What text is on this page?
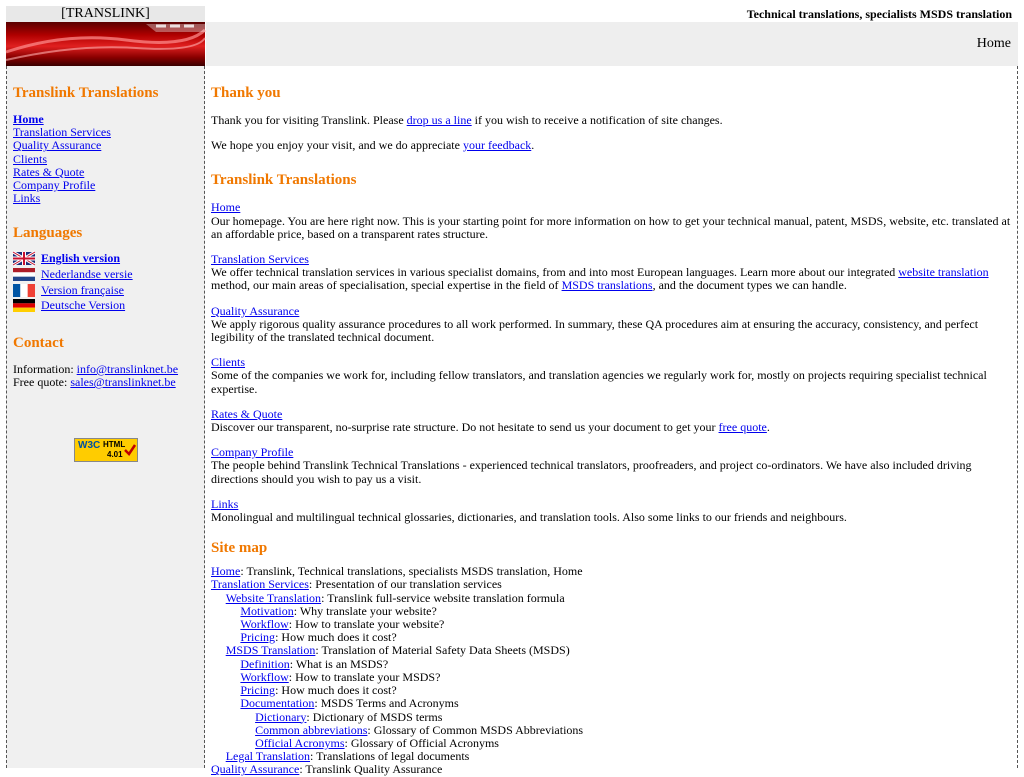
[TRANSLINK]	Technical translations, specialists MSDS translation
Home
Translink Translations
Home
Translation Services
Quality Assurance
Clients
Rates & Quote
Company Profile
Links
Languages
English version
Nederlandse versie
Version française
Deutsche Version
Contact
Information: info@translinknet.be
Free quote: sales@translinknet.be
W3C HTML
4.01
Thank you

Thank you for visiting Translink. Please drop us a line if you wish to receive a notification of site changes.

We hope you enjoy your visit, and we do appreciate your feedback.

Translink Translations

Home

Our homepage. You are here right now. This is your starting point for more information on how to get your technical manual, patent, MSDS, website, etc. translated at an affordable price, based on a transparent rates structure.

Translation Services

We offer technical translation services in various specialist domains, from and into most European languages. Learn more about our integrated website translation method, our main areas of specialisation, special expertise in the field of MSDS translations, and the document types we can handle.

Quality Assurance

We apply rigorous quality assurance procedures to all work performed. In summary, these QA procedures aim at ensuring the accuracy, consistency, and perfect legibility of the translated technical document.

Clients

Some of the companies we work for, including fellow translators, and translation agencies we regularly work for, mostly on projects requiring specialist technical expertise.

Rates & Quote

Discover our transparent, no-surprise rate structure. Do not hesitate to send us your document to get your free quote.

Company Profile

The people behind Translink Technical Translations - experienced technical translators, proofreaders, and project co-ordinators. We have also included driving directions should you wish to pay us a visit.

Links

Monolingual and multilingual technical glossaries, dictionaries, and translation tools. Also some links to our friends and neighbours.

Site map
Home: Translink, Technical translations, specialists MSDS translation, Home
Translation Services: Presentation of our translation services
Website Translation: Translink full-service website translation formula
Motivation: Why translate your website?
Workflow: How to translate your website?
Pricing: How much does it cost?
MSDS Translation: Translation of Material Safety Data Sheets (MSDS)
Definition: What is an MSDS?
Workflow: How to translate your MSDS?
Pricing: How much does it cost?
Documentation: MSDS Terms and Acronyms
Dictionary: Dictionary of MSDS terms
Common abbreviations: Glossary of Common MSDS Abbreviations
Official Acronyms: Glossary of Official Acronyms
Legal Translation: Translations of legal documents
Quality Assurance: Translink Quality Assurance
